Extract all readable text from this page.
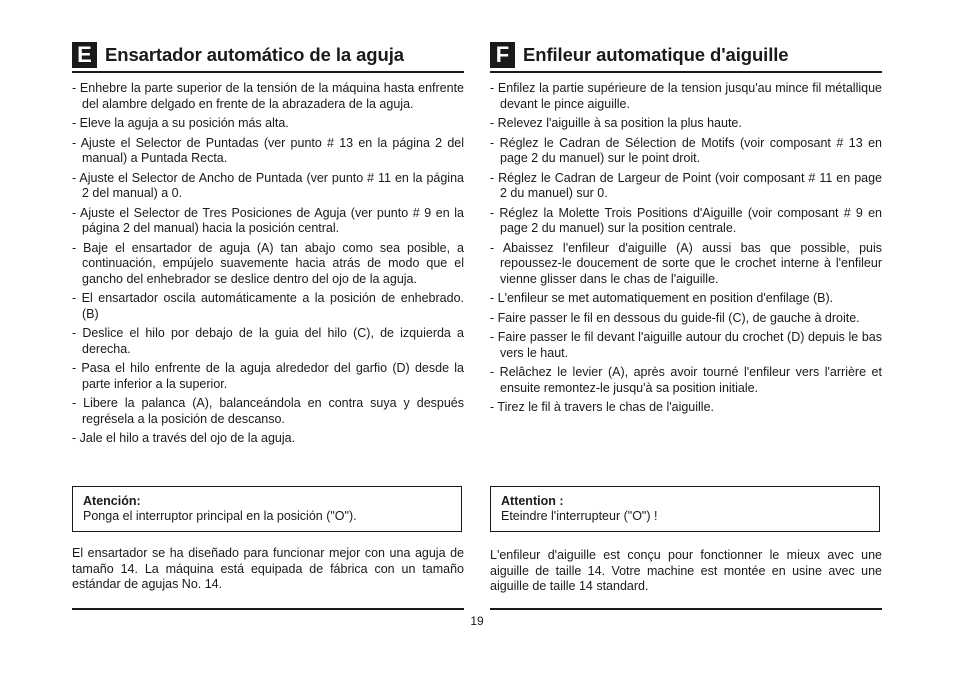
E Ensartador automático de la aguja
- Enhebre la parte superior de la tensión de la máquina hasta enfrente del alambre delgado en frente de la abrazadera de la aguja.
- Eleve la aguja a su posición más alta.
- Ajuste el Selector de Puntadas (ver punto # 13 en la página 2 del manual) a Puntada Recta.
- Ajuste el Selector de Ancho de Puntada (ver punto # 11 en la página 2 del manual) a 0.
- Ajuste el Selector de Tres Posiciones de Aguja (ver punto # 9 en la página 2 del manual) hacia la posición central.
- Baje el ensartador de aguja (A) tan abajo como sea posible, a continuación, empújelo suavemente hacia atrás de modo que el gancho del enhebrador se deslice dentro del ojo de la aguja.
- El ensartador oscila automáticamente a la posición de enhebrado. (B)
- Deslice el hilo por debajo de la guia del hilo (C), de izquierda a derecha.
- Pasa el hilo enfrente de la aguja alrededor del garfio (D) desde la parte inferior a la superior.
- Libere la palanca (A), balanceándola en contra suya y después regrésela a la posición de descanso.
- Jale el hilo a través del ojo de la aguja.
Atención:
Ponga el interruptor principal en la posición ("O").
El ensartador se ha diseñado para funcionar mejor con una aguja de tamaño 14. La máquina está equipada de fábrica con un tamaño estándar de agujas No. 14.
F Enfileur automatique d'aiguille
- Enfilez la partie supérieure de la tension jusqu'au mince fil métallique devant le pince aiguille.
- Relevez l'aiguille à sa position la plus haute.
- Réglez le Cadran de Sélection de Motifs (voir composant # 13 en page 2 du manuel) sur le point droit.
- Réglez le Cadran de Largeur de Point (voir composant # 11 en page 2 du manuel) sur 0.
- Réglez la Molette Trois Positions d'Aiguille (voir composant # 9 en page 2 du manuel) sur la position centrale.
- Abaissez l'enfileur d'aiguille (A) aussi bas que possible, puis repoussez-le doucement de sorte que le crochet interne à l'enfileur vienne glisser dans le chas de l'aiguille.
- L'enfileur se met automatiquement en position d'enfilage (B).
- Faire passer le fil en dessous du guide-fil (C), de gauche à droite.
- Faire passer le fil devant l'aiguille autour du crochet (D) depuis le bas vers le haut.
- Relâchez le levier (A), après avoir tourné l'enfileur vers l'arrière et ensuite remontez-le jusqu'à sa position initiale.
- Tirez le fil à travers le chas de l'aiguille.
Attention :
Eteindre l'interrupteur ("O") !
L'enfileur d'aiguille est conçu pour fonctionner le mieux avec une aiguille de taille 14. Votre machine est montée en usine avec une aiguille de taille 14 standard.
19
